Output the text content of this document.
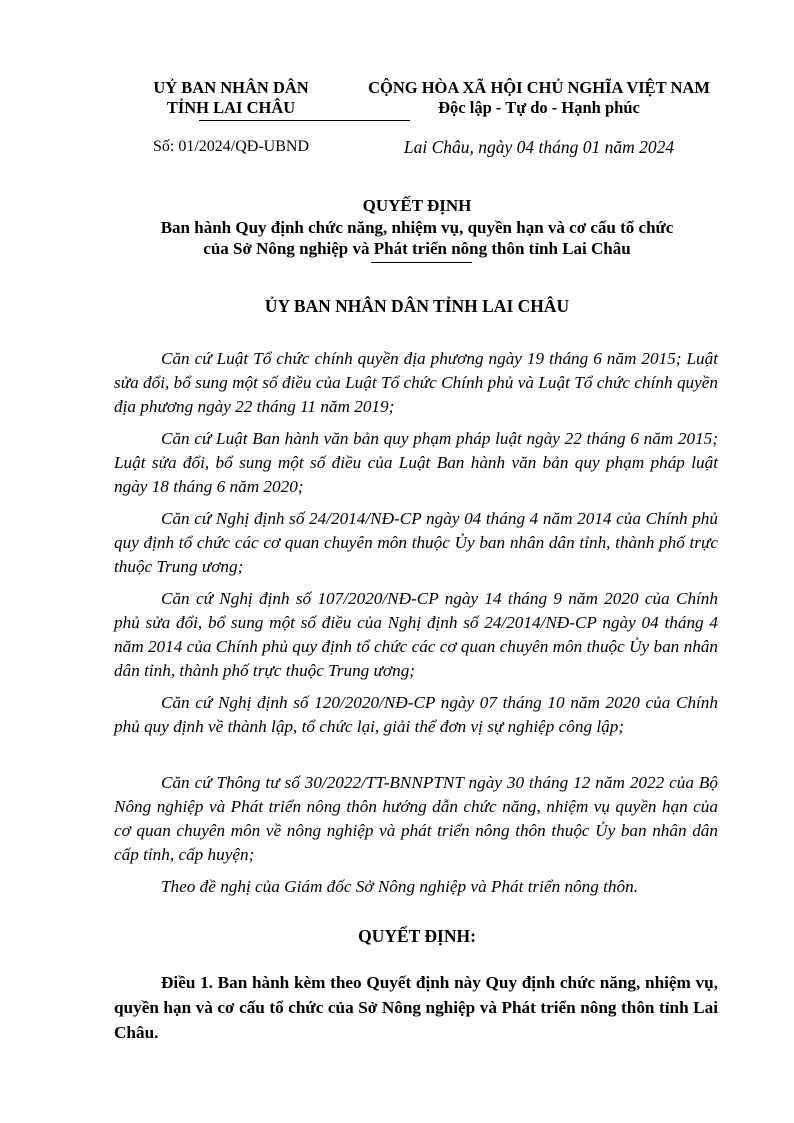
UỶ BAN NHÂN DÂN
TỈNH LAI CHÂU
CỘNG HÒA XÃ HỘI CHỦ NGHĨA VIỆT NAM
Độc lập - Tự do - Hạnh phúc
Số: 01/2024/QĐ-UBND	Lai Châu, ngày 04 tháng 01 năm 2024
QUYẾT ĐỊNH
Ban hành Quy định chức năng, nhiệm vụ, quyền hạn và cơ cấu tổ chức
của Sở Nông nghiệp và Phát triển nông thôn tỉnh Lai Châu
ỦY BAN NHÂN DÂN TỈNH LAI CHÂU

Căn cứ Luật Tổ chức chính quyền địa phương ngày 19 tháng 6 năm 2015; Luật sửa đổi, bổ sung một số điều của Luật Tổ chức Chính phủ và Luật Tổ chức chính quyền địa phương ngày 22 tháng 11 năm 2019;

Căn cứ Luật Ban hành văn bản quy phạm pháp luật ngày 22 tháng 6 năm 2015; Luật sửa đổi, bổ sung một số điều của Luật Ban hành văn bản quy phạm pháp luật ngày 18 tháng 6 năm 2020;

Căn cứ Nghị định số 24/2014/NĐ-CP ngày 04 tháng 4 năm 2014 của Chính phủ quy định tổ chức các cơ quan chuyên môn thuộc Ủy ban nhân dân tỉnh, thành phố trực thuộc Trung ương;

Căn cứ Nghị định số 107/2020/NĐ-CP ngày 14 tháng 9 năm 2020 của Chính phủ sửa đổi, bổ sung một số điều của Nghị định số 24/2014/NĐ-CP ngày 04 tháng 4 năm 2014 của Chính phủ quy định tổ chức các cơ quan chuyên môn thuộc Ủy ban nhân dân tỉnh, thành phố trực thuộc Trung ương;

Căn cứ Nghị định số 120/2020/NĐ-CP ngày 07 tháng 10 năm 2020 của Chính phủ quy định về thành lập, tổ chức lại, giải thể đơn vị sự nghiệp công lập;

Căn cứ Thông tư số 30/2022/TT-BNNPTNT ngày 30 tháng 12 năm 2022 của Bộ Nông nghiệp và Phát triển nông thôn hướng dẫn chức năng, nhiệm vụ quyền hạn của cơ quan chuyên môn về nông nghiệp và phát triển nông thôn thuộc Ủy ban nhân dân cấp tỉnh, cấp huyện;

Theo đề nghị của Giám đốc Sở Nông nghiệp và Phát triển nông thôn.

QUYẾT ĐỊNH:

Điều 1. Ban hành kèm theo Quyết định này Quy định chức năng, nhiệm vụ, quyền hạn và cơ cấu tổ chức của Sở Nông nghiệp và Phát triển nông thôn tỉnh Lai Châu.
